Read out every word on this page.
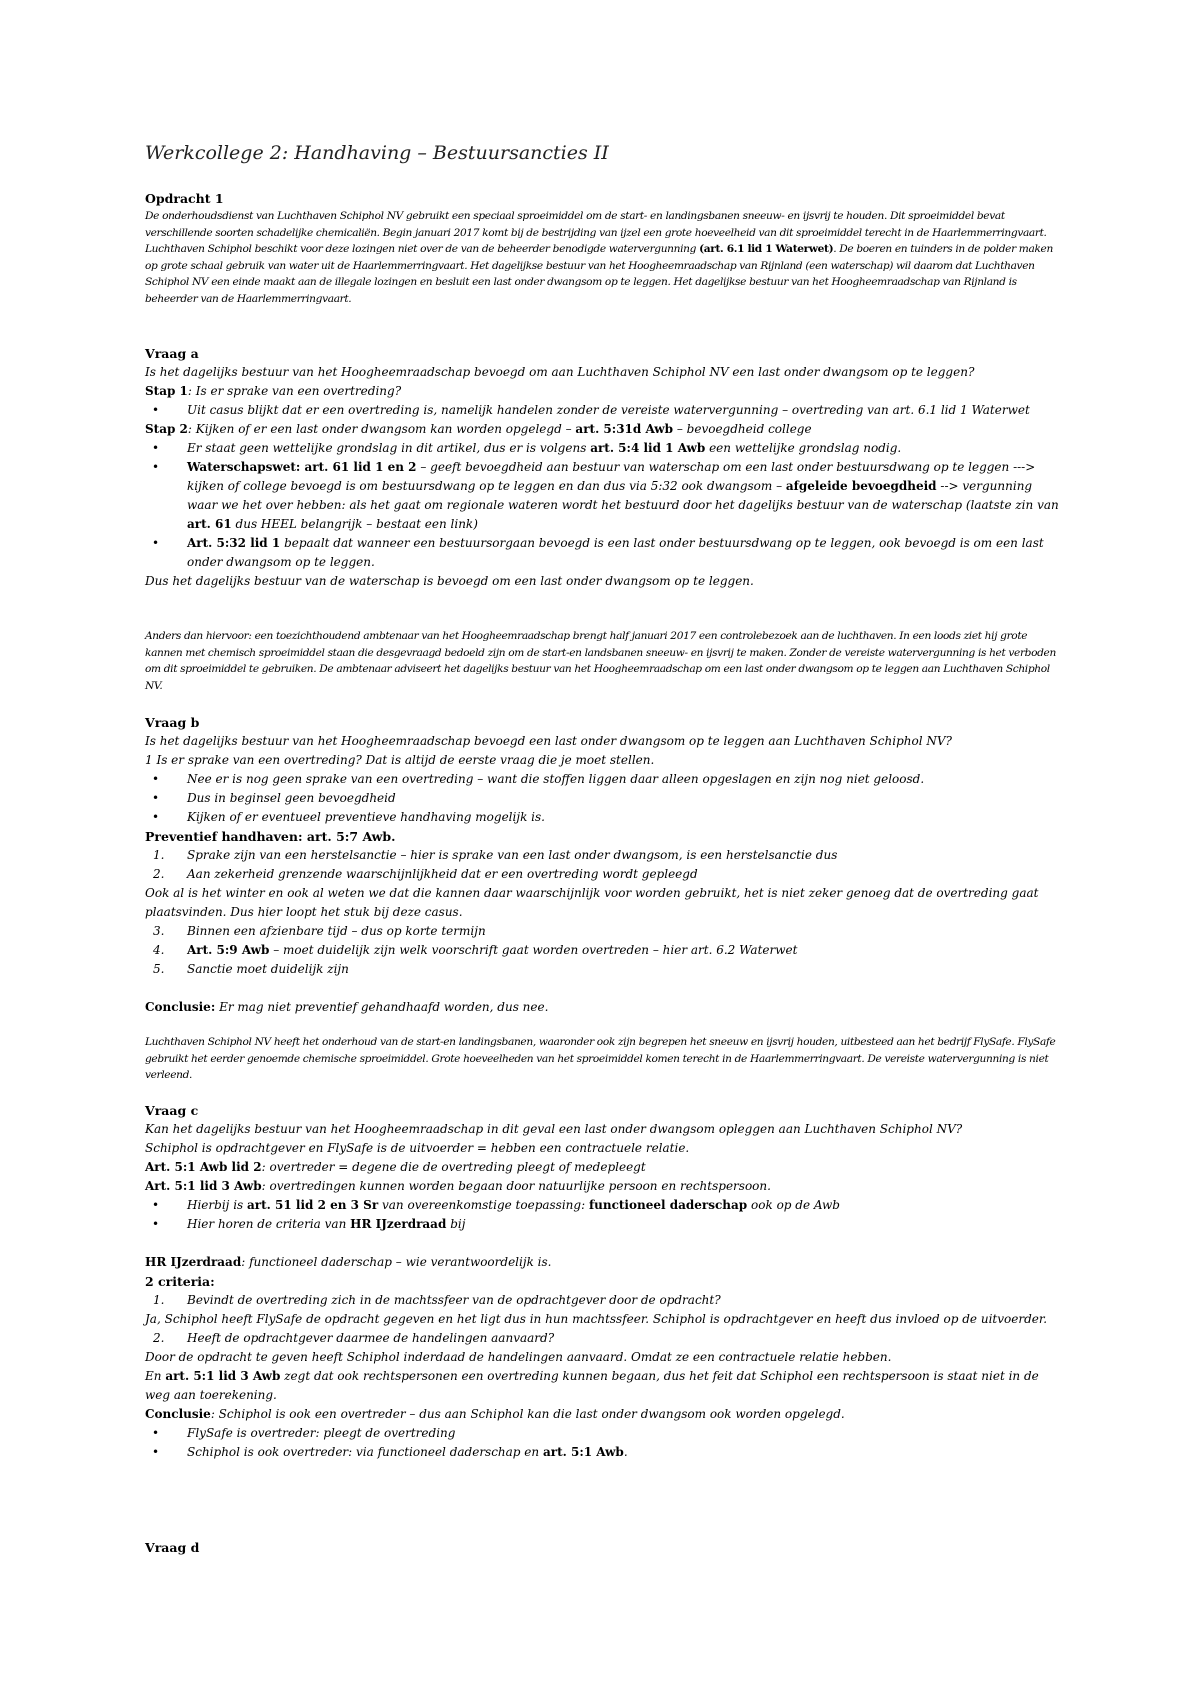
Werkcollege 2: Handhaving – Bestuursancties II

Opdracht 1

De onderhoudsdienst van Luchthaven Schiphol NV gebruikt een speciaal sproeimiddel om de start- en landingsbanen sneeuw- en ijsvrij te houden. Dit sproeimiddel bevat verschillende soorten schadelijke chemicaliën. Begin januari 2017 komt bij de bestrijding van ijzel een grote hoeveelheid van dit sproeimiddel terecht in de Haarlemmerringvaart. Luchthaven Schiphol beschikt voor deze lozingen niet over de van de beheerder benodigde watervergunning (art. 6.1 lid 1 Waterwet). De boeren en tuinders in de polder maken op grote schaal gebruik van water uit de Haarlemmerringvaart. Het dagelijkse bestuur van het Hoogheemraadschap van Rijnland (een waterschap) wil daarom dat Luchthaven Schiphol NV een einde maakt aan de illegale lozingen en besluit een last onder dwangsom op te leggen. Het dagelijkse bestuur van het Hoogheemraadschap van Rijnland is beheerder van de Haarlemmerringvaart.

Vraag a

Is het dagelijks bestuur van het Hoogheemraadschap bevoegd om aan Luchthaven Schiphol NV een last onder dwangsom op te leggen?

Stap 1: Is er sprake van een overtreding?

• Uit casus blijkt dat er een overtreding is, namelijk handelen zonder de vereiste watervergunning – overtreding van art. 6.1 lid 1 Waterwet

Stap 2: Kijken of er een last onder dwangsom kan worden opgelegd – art. 5:31d Awb – bevoegdheid college

• Er staat geen wettelijke grondslag in dit artikel, dus er is volgens art. 5:4 lid 1 Awb een wettelijke grondslag nodig.
• Waterschapswet: art. 61 lid 1 en 2 – geeft bevoegdheid aan bestuur van waterschap om een last onder bestuursdwang op te leggen ---> kijken of college bevoegd is om bestuursdwang op te leggen en dan dus via 5:32 ook dwangsom – afgeleide bevoegdheid --> vergunning waar we het over hebben: als het gaat om regionale wateren wordt het bestuurd door het dagelijks bestuur van de waterschap (laatste zin van art. 61 dus HEEL belangrijk – bestaat een link)
• Art. 5:32 lid 1 bepaalt dat wanneer een bestuursorgaan bevoegd is een last onder bestuursdwang op te leggen, ook bevoegd is om een last onder dwangsom op te leggen.

Dus het dagelijks bestuur van de waterschap is bevoegd om een last onder dwangsom op te leggen.

Anders dan hiervoor: een toezichthoudend ambtenaar van het Hoogheemraadschap brengt half januari 2017 een controlebezoek aan de luchthaven. In een loods ziet hij grote kannen met chemisch sproeimiddel staan die desgevraagd bedoeld zijn om de start-en landsbanen sneeuw- en ijsvrij te maken. Zonder de vereiste watervergunning is het verboden om dit sproeimiddel te gebruiken. De ambtenaar adviseert het dagelijks bestuur van het Hoogheemraadschap om een last onder dwangsom op te leggen aan Luchthaven Schiphol NV.

Vraag b

Is het dagelijks bestuur van het Hoogheemraadschap bevoegd een last onder dwangsom op te leggen aan Luchthaven Schiphol NV?

1 Is er sprake van een overtreding? Dat is altijd de eerste vraag die je moet stellen.

• Nee er is nog geen sprake van een overtreding – want die stoffen liggen daar alleen opgeslagen en zijn nog niet geloosd.
• Dus in beginsel geen bevoegdheid
• Kijken of er eventueel preventieve handhaving mogelijk is.

Preventief handhaven: art. 5:7 Awb.

1. Sprake zijn van een herstelsanctie – hier is sprake van een last onder dwangsom, is een herstelsanctie dus
2. Aan zekerheid grenzende waarschijnlijkheid dat er een overtreding wordt gepleegd

Ook al is het winter en ook al weten we dat die kannen daar waarschijnlijk voor worden gebruikt, het is niet zeker genoeg dat de overtreding gaat plaatsvinden. Dus hier loopt het stuk bij deze casus.

3. Binnen een afzienbare tijd – dus op korte termijn
4. Art. 5:9 Awb – moet duidelijk zijn welk voorschrift gaat worden overtreden – hier art. 6.2 Waterwet
5. Sanctie moet duidelijk zijn

Conclusie: Er mag niet preventief gehandhaafd worden, dus nee.

Luchthaven Schiphol NV heeft het onderhoud van de start-en landingsbanen, waaronder ook zijn begrepen het sneeuw en ijsvrij houden, uitbesteed aan het bedrijf FlySafe. FlySafe gebruikt het eerder genoemde chemische sproeimiddel. Grote hoeveelheden van het sproeimiddel komen terecht in de Haarlemmerringvaart. De vereiste watervergunning is niet verleend.

Vraag c

Kan het dagelijks bestuur van het Hoogheemraadschap in dit geval een last onder dwangsom opleggen aan Luchthaven Schiphol NV?

Schiphol is opdrachtgever en FlySafe is de uitvoerder = hebben een contractuele relatie.

Art. 5:1 Awb lid 2: overtreder = degene die de overtreding pleegt of medepleegt

Art. 5:1 lid 3 Awb: overtredingen kunnen worden begaan door natuurlijke persoon en rechtspersoon.

• Hierbij is art. 51 lid 2 en 3 Sr van overeenkomstige toepassing: functioneel daderschap ook op de Awb
• Hier horen de criteria van HR IJzerdraad bij

HR IJzerdraad: functioneel daderschap – wie verantwoordelijk is.

2 criteria:

1. Bevindt de overtreding zich in de machtssfeer van de opdrachtgever door de opdracht?

Ja, Schiphol heeft FlySafe de opdracht gegeven en het ligt dus in hun machtssfeer. Schiphol is opdrachtgever en heeft dus invloed op de uitvoerder.

2. Heeft de opdrachtgever daarmee de handelingen aanvaard?

Door de opdracht te geven heeft Schiphol inderdaad de handelingen aanvaard. Omdat ze een contractuele relatie hebben.

En art. 5:1 lid 3 Awb zegt dat ook rechtspersonen een overtreding kunnen begaan, dus het feit dat Schiphol een rechtspersoon is staat niet in de weg aan toerekening.

Conclusie: Schiphol is ook een overtreder – dus aan Schiphol kan die last onder dwangsom ook worden opgelegd.

• FlySafe is overtreder: pleegt de overtreding
• Schiphol is ook overtreder: via functioneel daderschap en art. 5:1 Awb.

Vraag d
